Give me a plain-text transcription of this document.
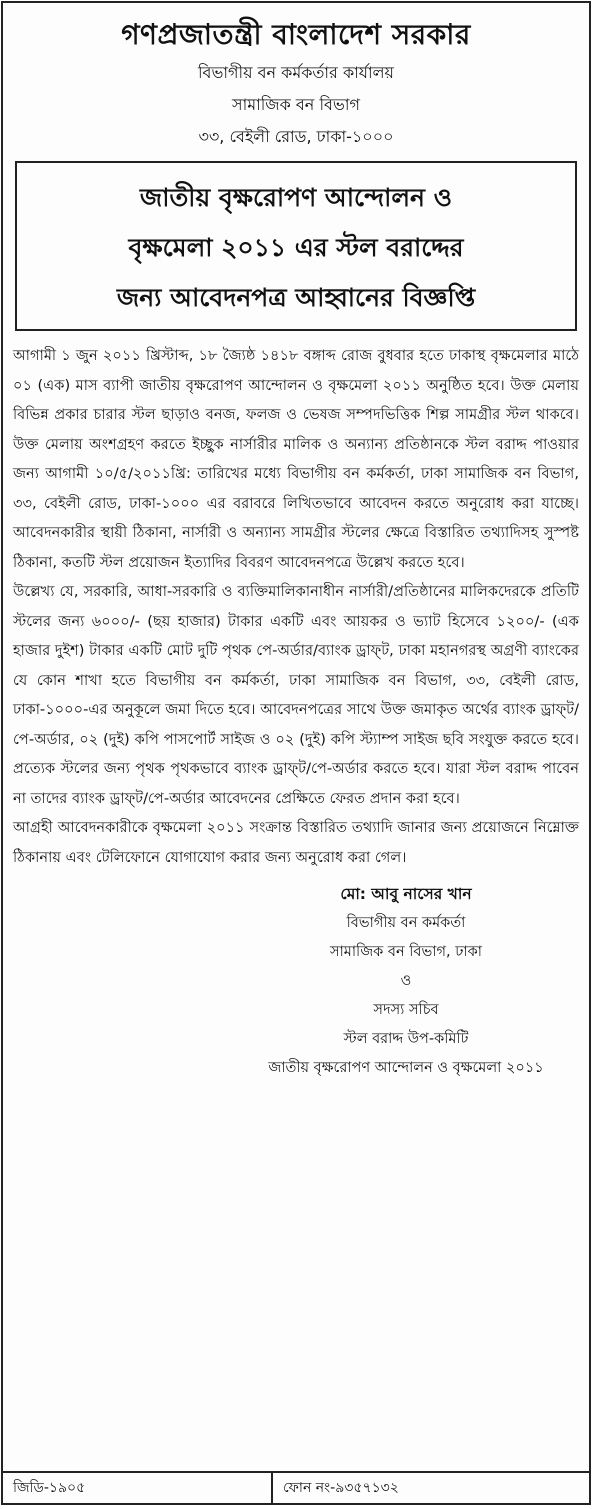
গণপ্রজাতন্ত্রী বাংলাদেশ সরকার
বিভাগীয় বন কর্মকর্তার কার্যালয়
সামাজিক বন বিভাগ
৩৩, বেইলী রোড, ঢাকা-১০০০
জাতীয় বৃক্ষরোপণ আন্দোলন ও
বৃক্ষমেলা ২০১১ এর স্টল বরাদ্দের
জন্য আবেদনপত্র আহ্বানের বিজ্ঞপ্তি

আগামী ১ জুন ২০১১ খ্রিস্টাব্দ, ১৮ জ্যৈষ্ঠ ১৪১৮ বঙ্গাব্দ রোজ বুধবার হতে ঢাকাস্থ বৃক্ষমেলার মাঠে ০১ (এক) মাস ব্যাপী জাতীয় বৃক্ষরোপণ আন্দোলন ও বৃক্ষমেলা ২০১১ অনুষ্ঠিত হবে। উক্ত মেলায় বিভিন্ন প্রকার চারার স্টল ছাড়াও বনজ, ফলজ ও ভেষজ সম্পদভিত্তিক শিল্প সামগ্রীর স্টল থাকবে। উক্ত মেলায় অংশগ্রহণ করতে ইচ্ছুক নার্সারীর মালিক ও অন্যান্য প্রতিষ্ঠানকে স্টল বরাদ্দ পাওয়ার জন্য আগামী ১০/৫/২০১১খ্রি: তারিখের মধ্যে বিভাগীয় বন কর্মকর্তা, ঢাকা সামাজিক বন বিভাগ, ৩৩, বেইলী রোড, ঢাকা-১০০০ এর বরাবরে লিখিতভাবে আবেদন করতে অনুরোধ করা যাচ্ছে। আবেদনকারীর স্থায়ী ঠিকানা, নার্সারী ও অন্যান্য সামগ্রীর স্টলের ক্ষেত্রে বিস্তারিত তথ্যাদিসহ সুস্পষ্ট ঠিকানা, কতটি স্টল প্রয়োজন ইত্যাদির বিবরণ আবেদনপত্রে উল্লেখ করতে হবে।

উল্লেখ্য যে, সরকারি, আধা-সরকারি ও ব্যক্তিমালিকানাধীন নার্সারী/প্রতিষ্ঠানের মালিকদেরকে প্রতিটি স্টলের জন্য ৬০০০/- (ছয় হাজার) টাকার একটি এবং আয়কর ও ভ্যাট হিসেবে ১২০০/- (এক হাজার দুইশ) টাকার একটি মোট দুটি পৃথক পে-অর্ডার/ব্যাংক ড্রাফ্‌ট, ঢাকা মহানগরস্থ অগ্রণী ব্যাংকের যে কোন শাখা হতে বিভাগীয় বন কর্মকর্তা, ঢাকা সামাজিক বন বিভাগ, ৩৩, বেইলী রোড, ঢাকা-১০০০-এর অনুকূলে জমা দিতে হবে। আবেদনপত্রের সাথে উক্ত জমাকৃত অর্থের ব্যাংক ড্রাফ্‌ট/পে-অর্ডার, ০২ (দুই) কপি পাসপোর্ট সাইজ ও ০২ (দুই) কপি স্ট্যাম্প সাইজ ছবি সংযুক্ত করতে হবে। প্রত্যেক স্টলের জন্য পৃথক পৃথকভাবে ব্যাংক ড্রাফ্‌ট/পে-অর্ডার করতে হবে। যারা স্টল বরাদ্দ পাবেন না তাদের ব্যাংক ড্রাফ্‌ট/পে-অর্ডার আবেদনের প্রেক্ষিতে ফেরত প্রদান করা হবে।

আগ্রহী আবেদনকারীকে বৃক্ষমেলা ২০১১ সংক্রান্ত বিস্তারিত তথ্যাদি জানার জন্য প্রয়োজনে নিম্নোক্ত ঠিকানায় এবং টেলিফোনে যোগাযোগ করার জন্য অনুরোধ করা গেল।

মো: আবু নাসের খান
বিভাগীয় বন কর্মকর্তা
সামাজিক বন বিভাগ, ঢাকা
ও
সদস্য সচিব
স্টল বরাদ্দ উপ-কমিটি
জাতীয় বৃক্ষরোপণ আন্দোলন ও বৃক্ষমেলা ২০১১
জিডি-১৯০৫	ফোন নং-৯৩৫৭১৩২
